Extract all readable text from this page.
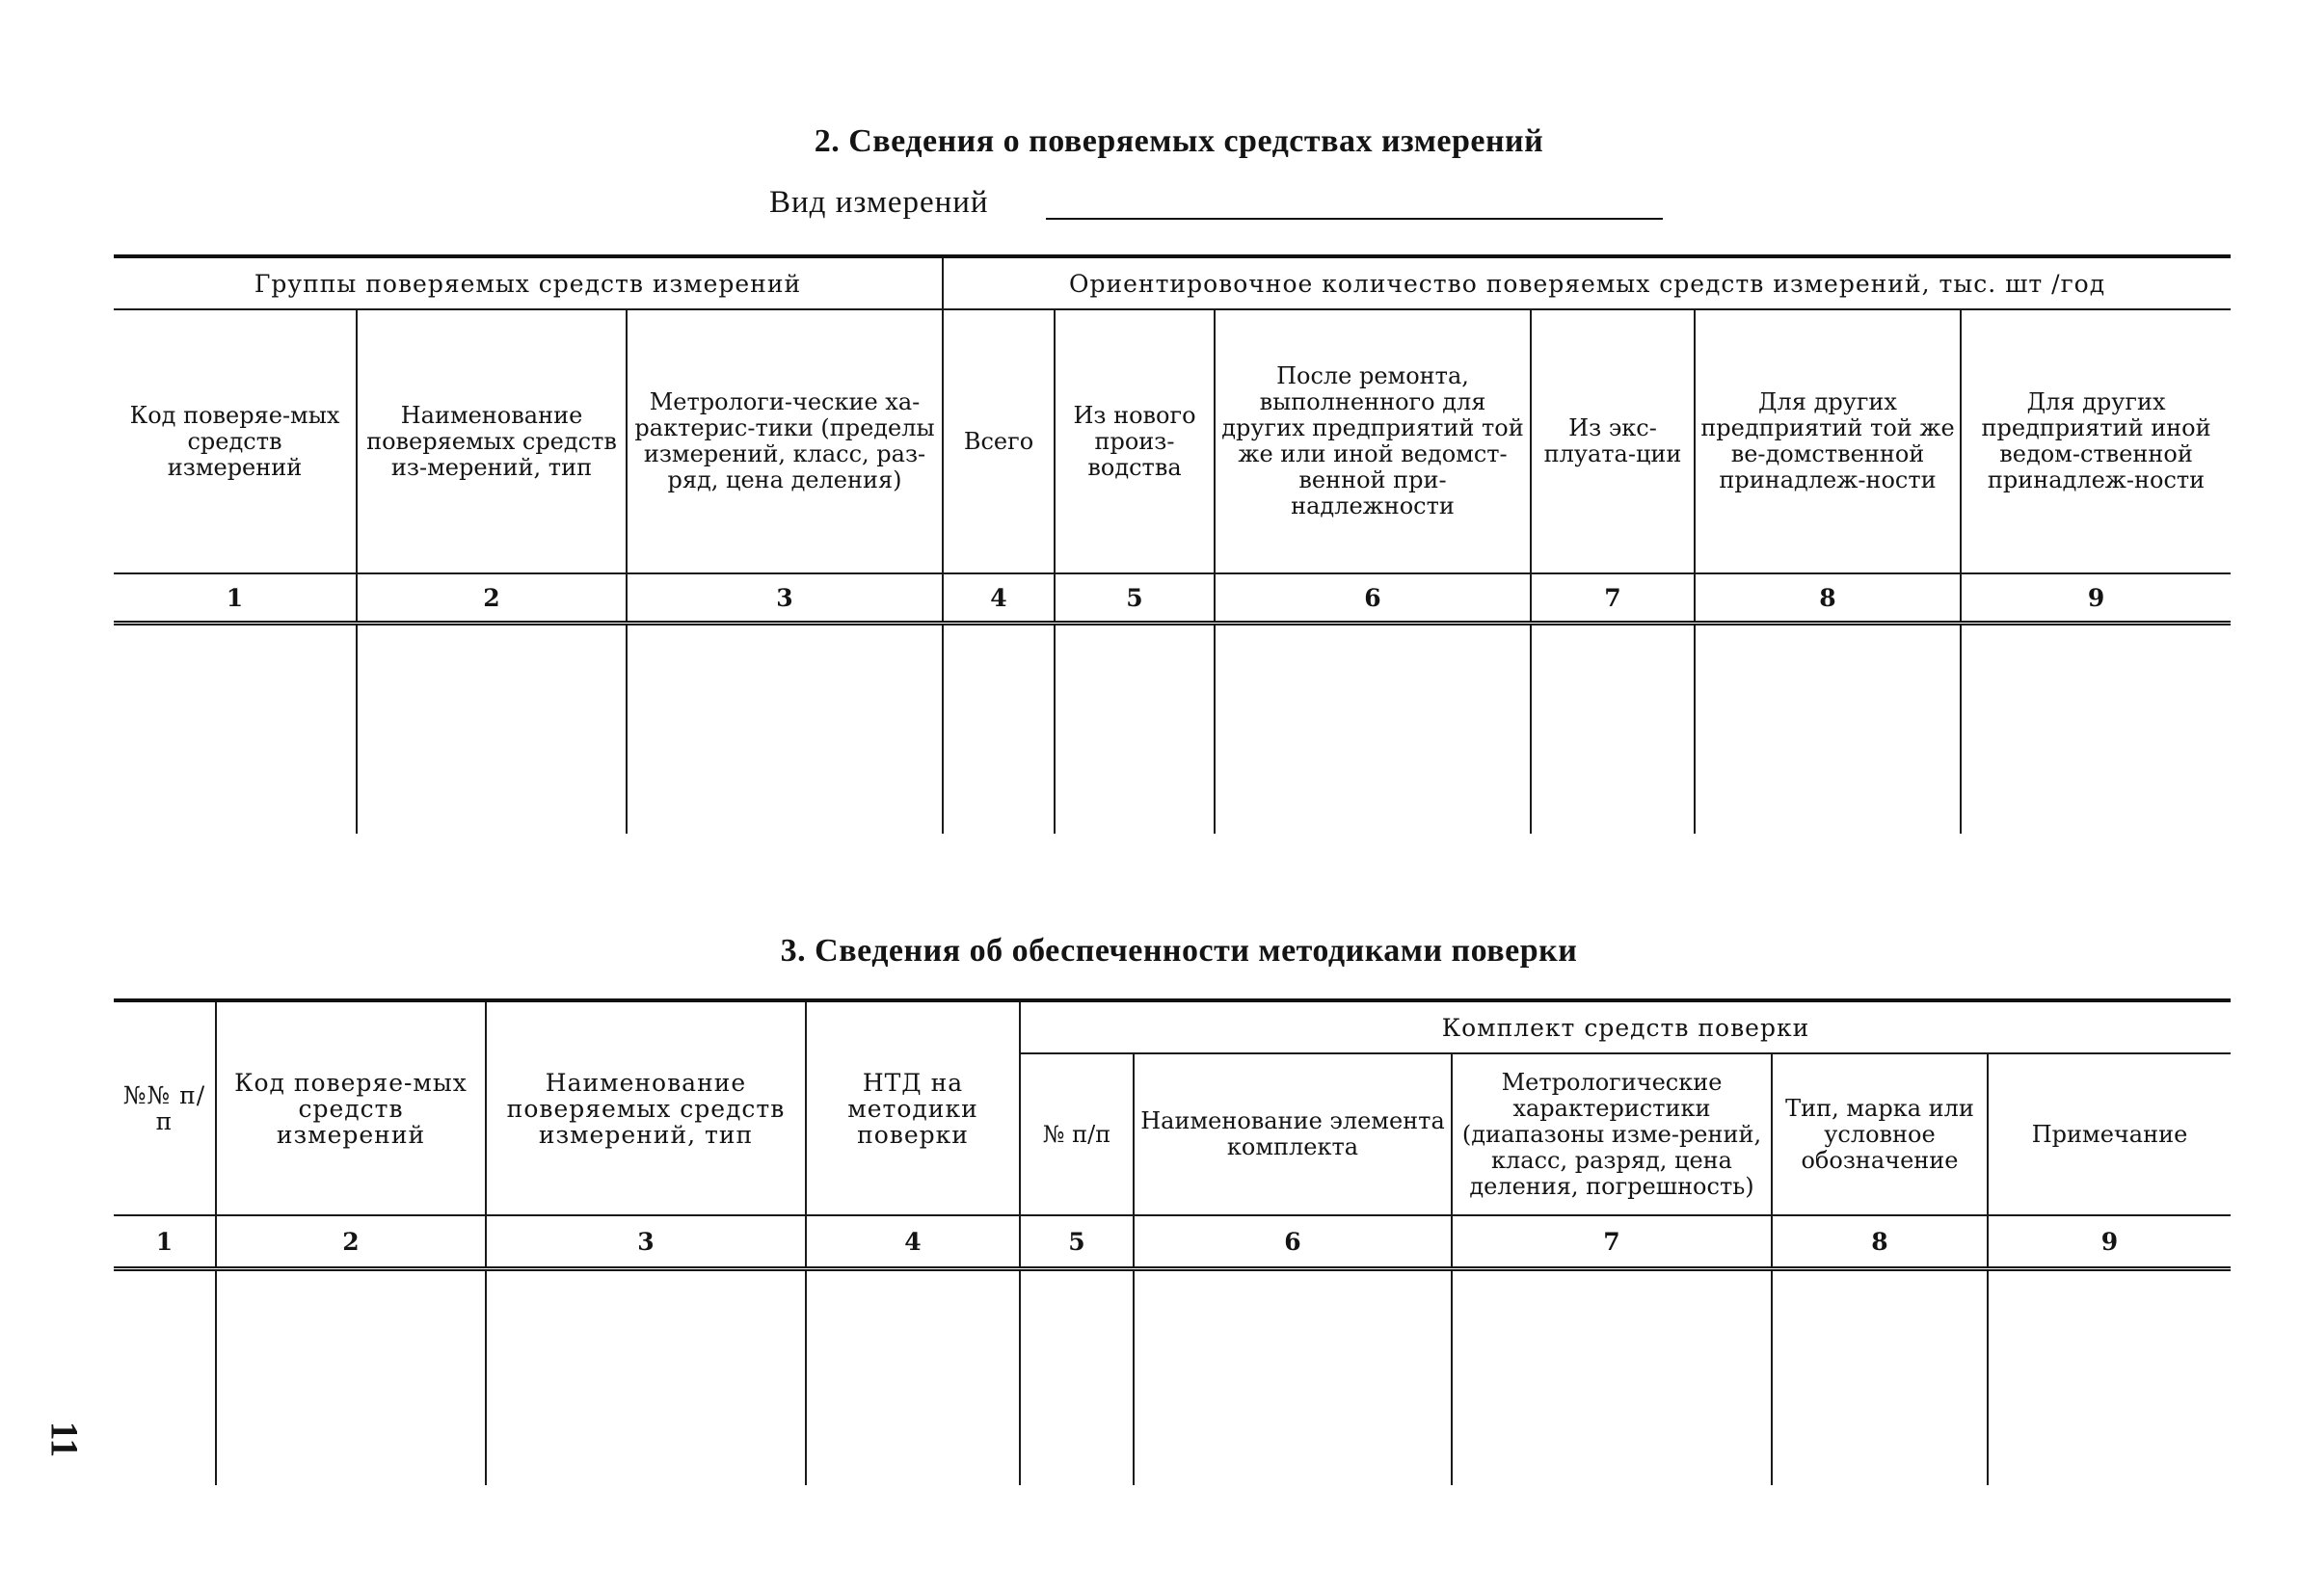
2. Сведения о поверяемых средствах измерений
Вид измерений
Группы поверяемых средств измерений			Ориентировочное количество поверяемых средств измерений, тыс. шт /год					
Код поверяе-мых средств измерений	Наименование поверяемых средств из-мерений, тип	Метрологи-ческие ха-рактерис-тики (пределы измерений, класс, раз-ряд, цена деления)	Всего	Из нового произ-водства	После ремонта, выполненного для других предприятий той же или иной ведомст-венной при-надлежности	Из экс-плуата-ции	Для других предприятий той же ве-домственной принадлеж-ности	Для других предприятий иной ведом-ственной принадлеж-ности
1	2	3	4	5	6	7	8	9

3. Сведения об обеспеченности методиками поверки
№№ п/п	Код поверяе-мых средств измерений	Наименование поверяемых средств измерений, тип	НТД на методики поверки	Комплект средств поверки				
				№ п/п	Наименование элемента комплекта	Метрологические характеристики (диапазоны изме-рений, класс, разряд, цена деления, погрешность)	Тип, марка или условное обозначение	Примечание
1	2	3	4	5	6	7	8	9

11
